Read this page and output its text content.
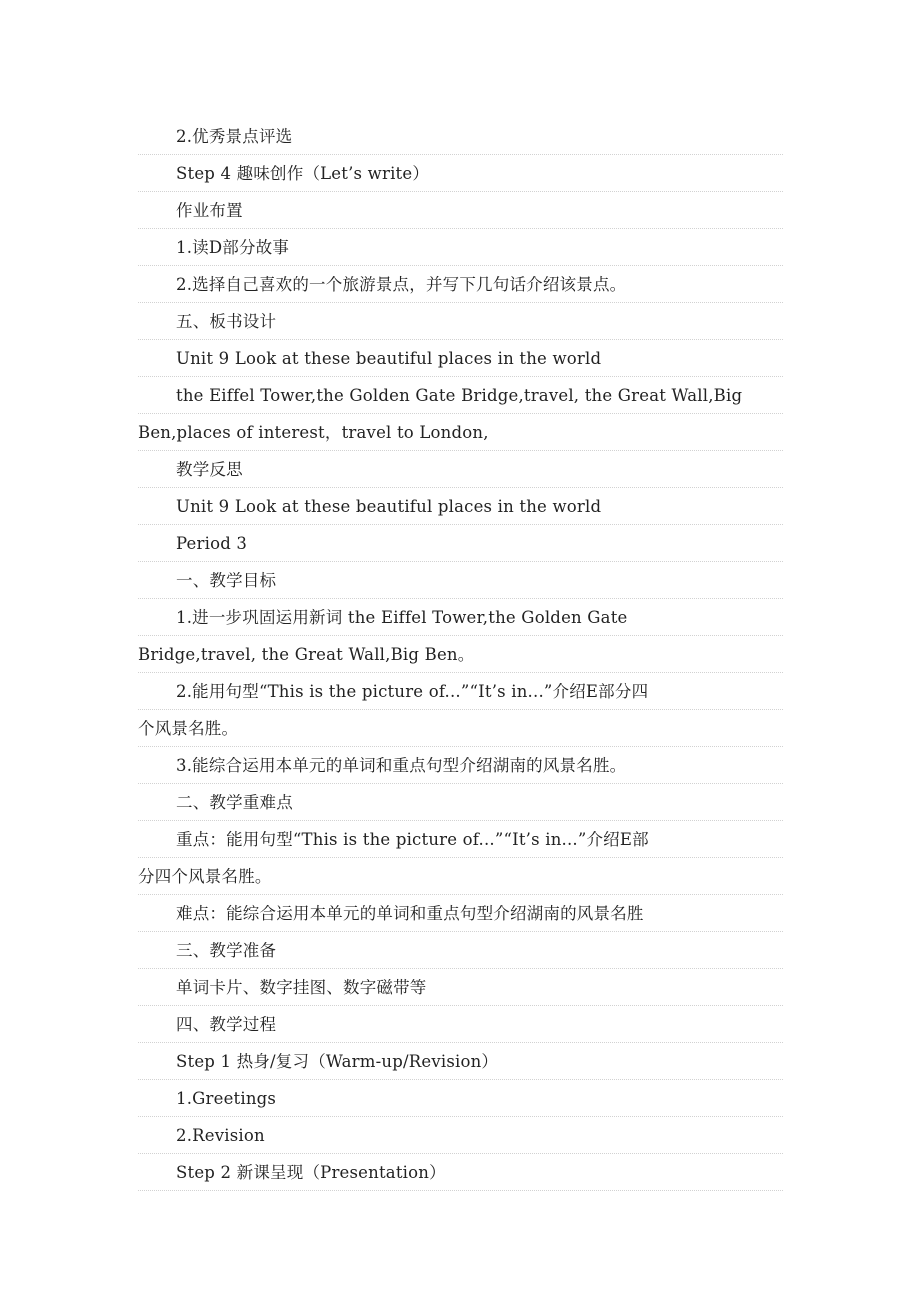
2.优秀景点评选
Step 4 趣味创作（Let’s write）
作业布置
1.读D部分故事
2.选择自己喜欢的一个旅游景点，并写下几句话介绍该景点。
五、板书设计
Unit 9 Look at these beautiful places in the world
the Eiffel Tower,the Golden Gate Bridge,travel, the Great Wall,Big
Ben,places of interest，travel to London,
教学反思
Unit 9 Look at these beautiful places in the world
Period 3
一、教学目标
1.进一步巩固运用新词 the Eiffel Tower,the Golden Gate
Bridge,travel, the Great Wall,Big Ben。
2.能用句型“This is the picture of...”“It’s in...”介绍E部分四
个风景名胜。
3.能综合运用本单元的单词和重点句型介绍湖南的风景名胜。
二、教学重难点
重点：能用句型“This is the picture of...”“It’s in...”介绍E部
分四个风景名胜。
难点：能综合运用本单元的单词和重点句型介绍湖南的风景名胜
三、教学准备
单词卡片、数字挂图、数字磁带等
四、教学过程
Step 1 热身/复习（Warm-up/Revision）
1.Greetings
2.Revision
Step 2 新课呈现（Presentation）
